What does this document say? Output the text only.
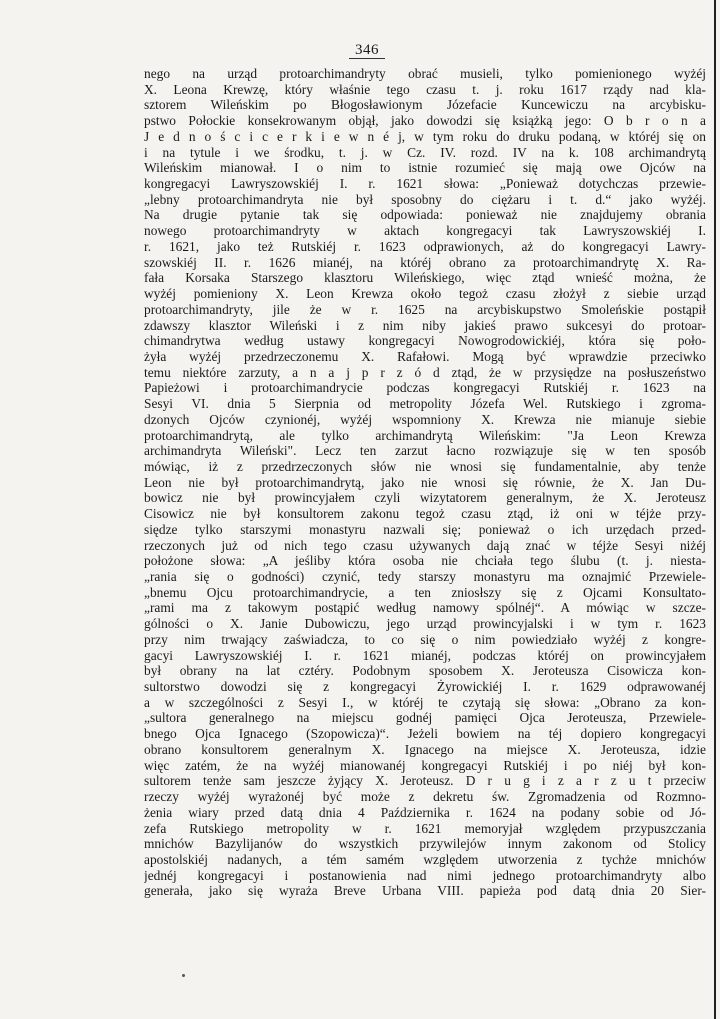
346
nego na urząd protoarchimandryty obrać musieli, tylko pomienionego wyżéj
X. Leona Krewzę, który właśnie tego czasu t. j. roku 1617 rządy nad kla-
sztorem Wileńskim po Błogosławionym Józefacie Kuncewiczu na arcybisku-
pstwo Połockie konsekrowanym objął, jako dowodzi się książką jego: O b r o n a
J e d n o ś c i c e r k i e w n é j, w tym roku do druku podaną, w któréj się on
i na tytule i we środku, t. j. w Cz. IV. rozd. IV na k. 108 archimandrytą
Wileńskim mianował. I o nim to istnie rozumieć się mają owe Ojców na
kongregacyi Lawryszowskiéj I. r. 1621 słowa: „Ponieważ dotychczas przewie-
„lebny protoarchimandryta nie był sposobny do ciężaru i t. d.“ jako wyżéj.
Na drugie pytanie tak się odpowiada: ponieważ nie znajdujemy obrania
nowego protoarchimandryty w aktach kongregacyi tak Lawryszowskiéj I.
r. 1621, jako też Rutskiéj r. 1623 odprawionych, aż do kongregacyi Lawry-
szowskiéj II. r. 1626 mianéj, na któréj obrano za protoarchimandrytę X. Ra-
fała Korsaka Starszego klasztoru Wileńskiego, więc ztąd wnieść można, że
wyżéj pomieniony X. Leon Krewza około tegoż czasu złożył z siebie urząd
protoarchimandryty, jile że w r. 1625 na arcybiskupstwo Smoleńskie postąpił
zdawszy klasztor Wileński i z nim niby jakieś prawo sukcesyi do protoar-
chimandrytwa według ustawy kongregacyi Nowogrodowickiéj, która się poło-
żyła wyżéj przedrzeczonemu X. Rafałowi. Mogą być wprawdzie przeciwko
temu niektóre zarzuty, a n a j p r z ó d ztąd, że w przysiędze na posłuszeństwo
Papieżowi i protoarchimandrycie podczas kongregacyi Rutskiéj r. 1623 na
Sesyi VI. dnia 5 Sierpnia od metropolity Józefa Wel. Rutskiego i zgroma-
dzonych Ojców czynionéj, wyżéj wspomniony X. Krewza nie mianuje siebie
protoarchimandrytą, ale tylko archimandrytą Wileńskim: "Ja Leon Krewza
archimandryta Wileński". Lecz ten zarzut łacno rozwiązuje się w ten sposób
mówiąc, iż z przedrzeczonych słów nie wnosi się fundamentalnie, aby tenże
Leon nie był protoarchimandrytą, jako nie wnosi się równie, że X. Jan Du-
bowicz nie był prowincyjałem czyli wizytatorem generalnym, że X. Jeroteusz
Cisowicz nie był konsultorem zakonu tegoż czasu ztąd, iż oni w téjże przy-
siędze tylko starszymi monastyru nazwali się; ponieważ o ich urzędach przed-
rzeczonych już od nich tego czasu używanych dają znać w téjże Sesyi niżéj
położone słowa: „A jeśliby która osoba nie chciała tego ślubu (t. j. niesta-
„rania się o godności) czynić, tedy starszy monastyru ma oznajmić Przewiele-
„bnemu Ojcu protoarchimandrycie, a ten zniosłszy się z Ojcami Konsultato-
„rami ma z takowym postąpić według namowy spólnéj“. A mówiąc w szcze-
gólności o X. Janie Dubowiczu, jego urząd prowincyjalski i w tym r. 1623
przy nim trwający zaświadcza, to co się o nim powiedziało wyżéj z kongre-
gacyi Lawryszowskiéj I. r. 1621 mianéj, podczas któréj on prowincyjałem
był obrany na lat cztéry. Podobnym sposobem X. Jeroteusza Cisowicza kon-
sultorstwo dowodzi się z kongregacyi Żyrowickiéj I. r. 1629 odprawowanéj
a w szczególności z Sesyi I., w któréj te czytają się słowa: „Obrano za kon-
„sultora generalnego na miejscu godnéj pamięci Ojca Jeroteusza, Przewiele-
bnego Ojca Ignacego (Szopowicza)“. Jeżeli bowiem na téj dopiero kongregacyi
obrano konsultorem generalnym X. Ignacego na miejsce X. Jeroteusza, idzie
więc zatém, że na wyżéj mianowanéj kongregacyi Rutskiéj i po niéj był kon-
sultorem tenże sam jeszcze żyjący X. Jeroteusz. D r u g i z a r z u t przeciw
rzeczy wyżéj wyrażonéj być może z dekretu św. Zgromadzenia od Rozmno-
żenia wiary przed datą dnia 4 Października r. 1624 na podany sobie od Jó-
zefa Rutskiego metropolity w r. 1621 memoryjał względem przypuszczania
mnichów Bazylijanów do wszystkich przywilejów innym zakonom od Stolicy
apostolskiéj nadanych, a tém samém względem utworzenia z tychże mnichów
jednéj kongregacyi i postanowienia nad nimi jednego protoarchimandryty albo
generała, jako się wyraża Breve Urbana VIII. papieża pod datą dnia 20 Sier-
